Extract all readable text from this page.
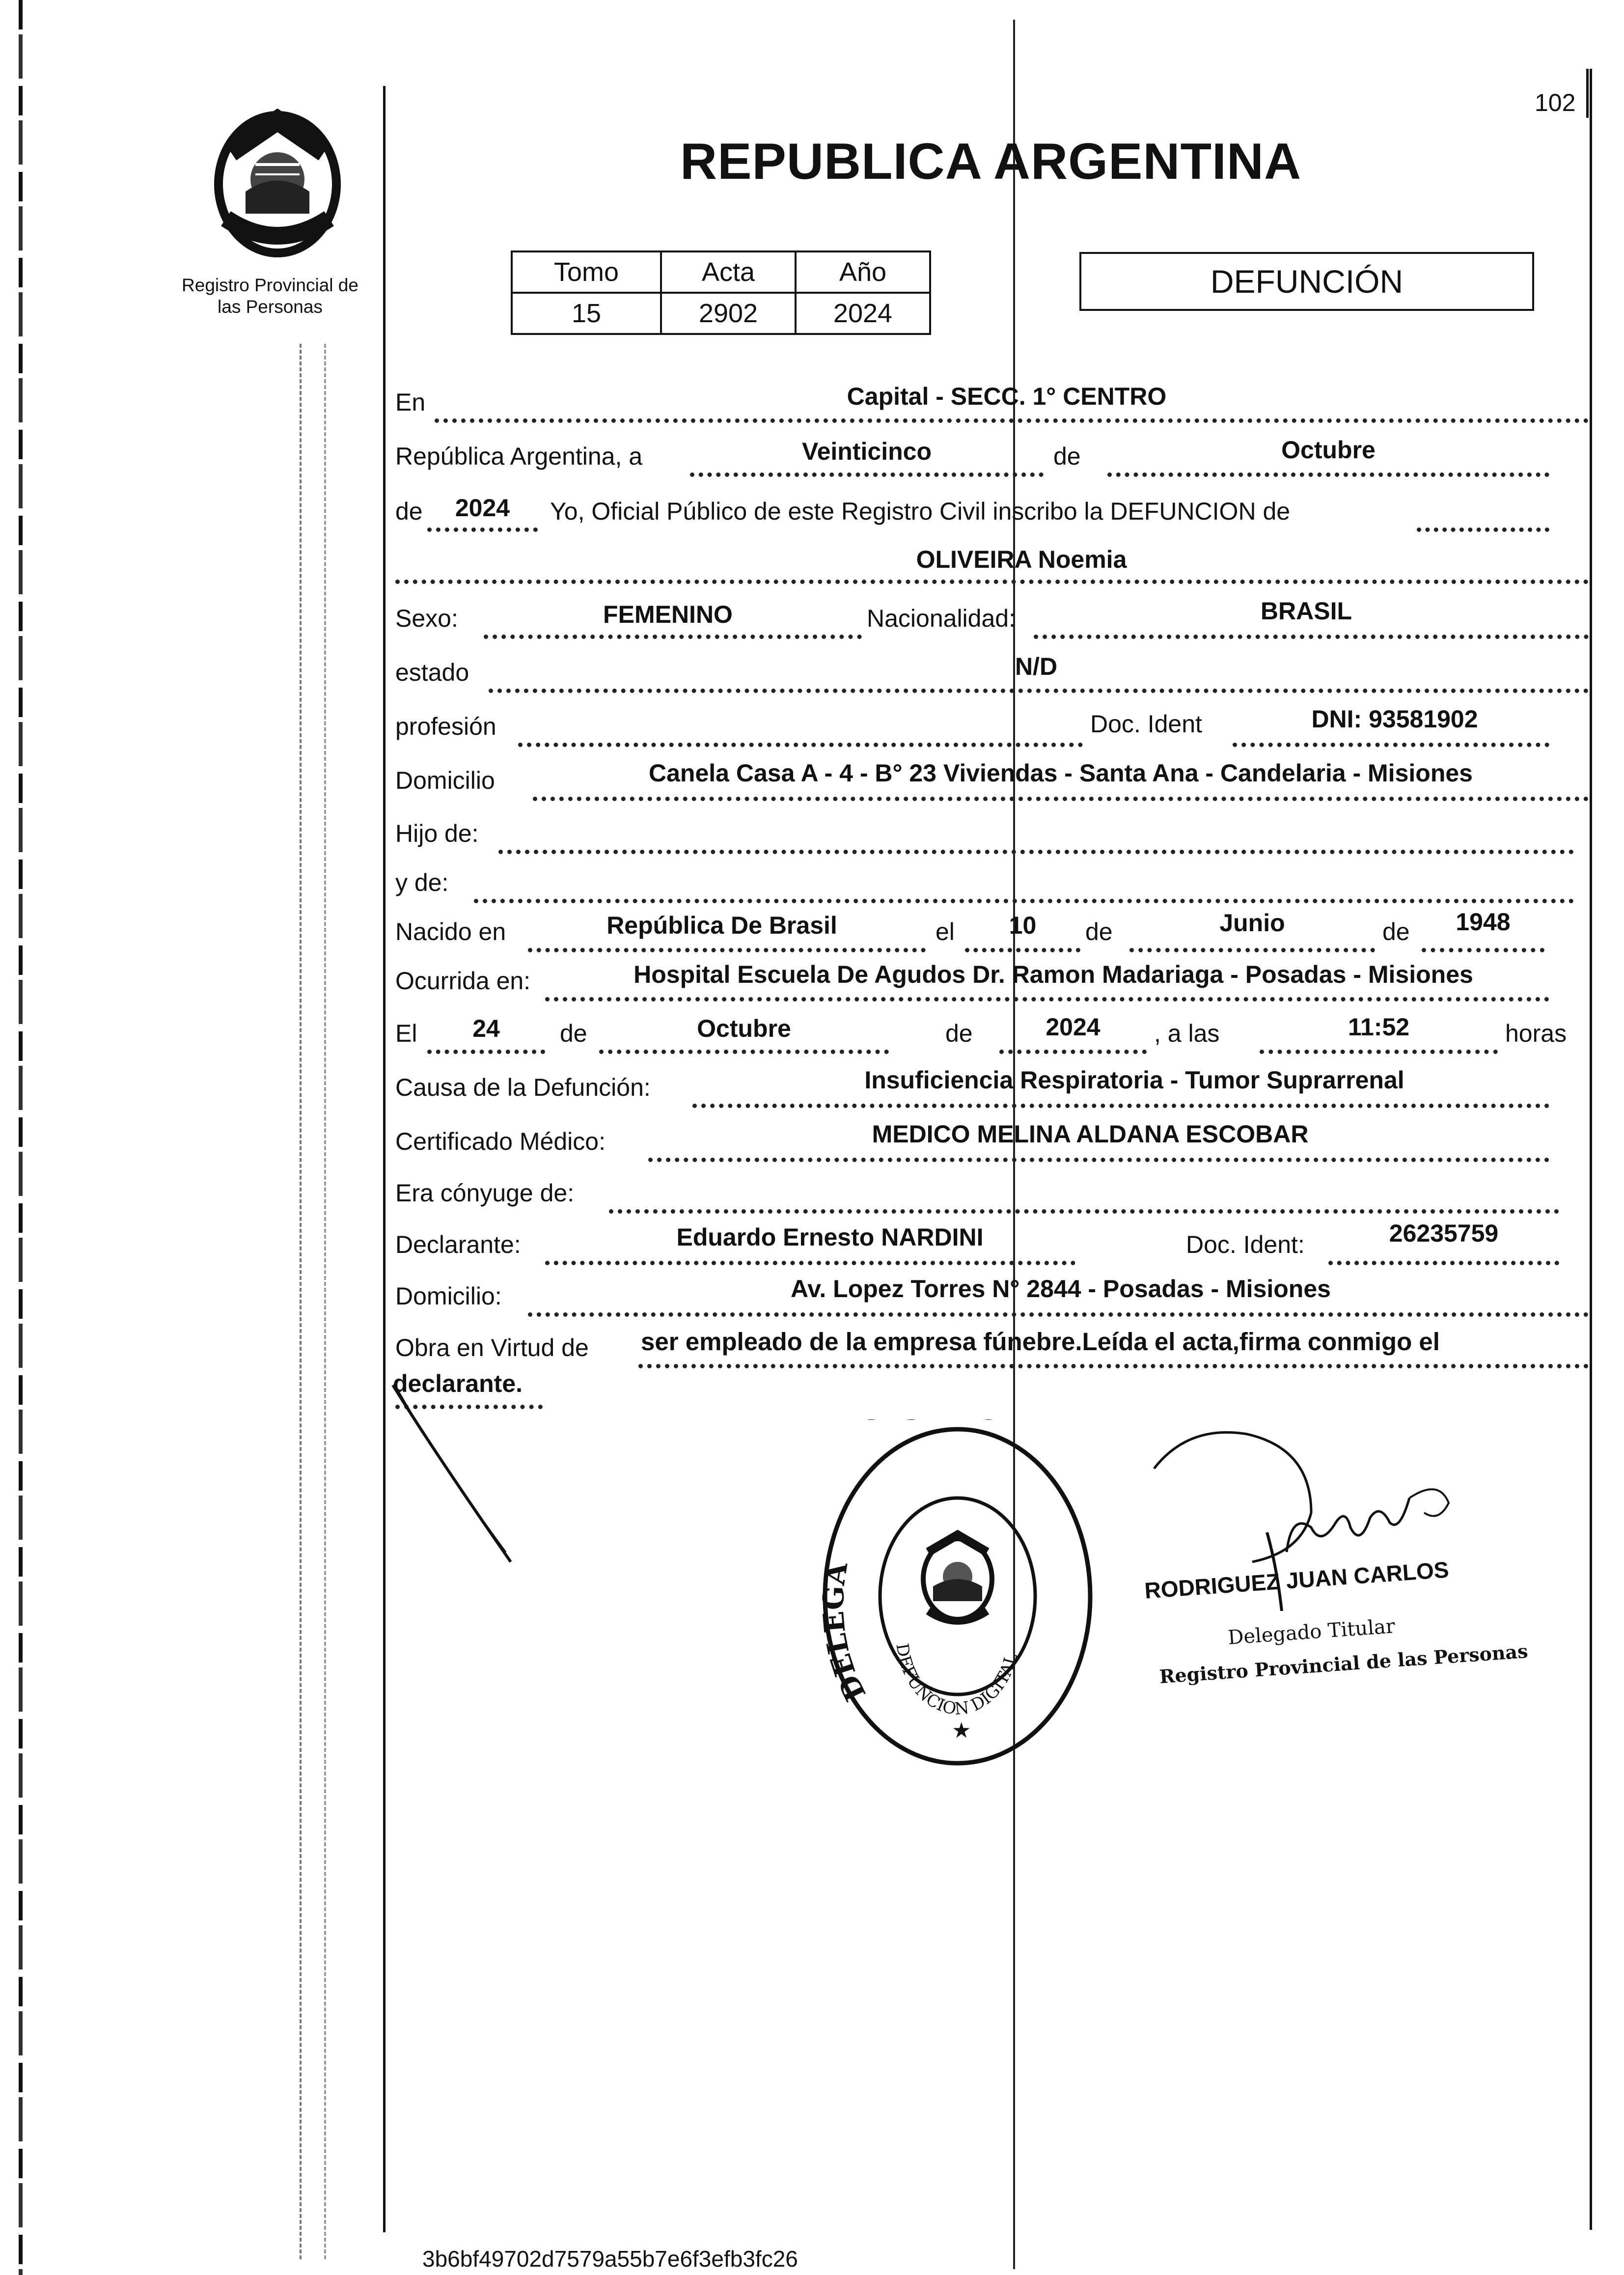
102
Registro Provincial de
las Personas
REPUBLICA ARGENTINA
Tomo	Acta	Año
15	2902	2024
DEFUNCIÓN
En	Capital - SECC. 1° CENTRO
República Argentina, a	Veinticinco	de	Octubre
de	2024	Yo, Oficial Público de este Registro Civil inscribo la DEFUNCION de
OLIVEIRA Noemia
Sexo:	FEMENINO	Nacionalidad:	BRASIL
estado	N/D
profesión	Doc. Ident	DNI: 93581902
Domicilio	Canela Casa A - 4 - B° 23 Viviendas - Santa Ana - Candelaria - Misiones
Hijo de:
y de:
Nacido en	República De Brasil	el	10	de	Junio	de	1948
Ocurrida en:	Hospital Escuela De Agudos Dr. Ramon Madariaga - Posadas - Misiones
El	24	de	Octubre	de	2024	, a las	11:52	horas
Causa de la Defunción:	Insuficiencia Respiratoria - Tumor Suprarrenal
Certificado Médico:	MEDICO MELINA ALDANA ESCOBAR
Era cónyuge de:
Declarante:	Eduardo Ernesto NARDINI	Doc. Ident:	26235759
Domicilio:	Av. Lopez Torres N° 2844 - Posadas - Misiones
Obra en Virtud de ser empleado de la empresa fúnebre.Leída el acta,firma conmigo el
declarante.
DELEGA
DEFUNCION DIGITAL
★
RODRIGUEZ JUAN CARLOS
Delegado Titular
Registro Provincial de las Personas
3b6bf49702d7579a55b7e6f3efb3fc26
